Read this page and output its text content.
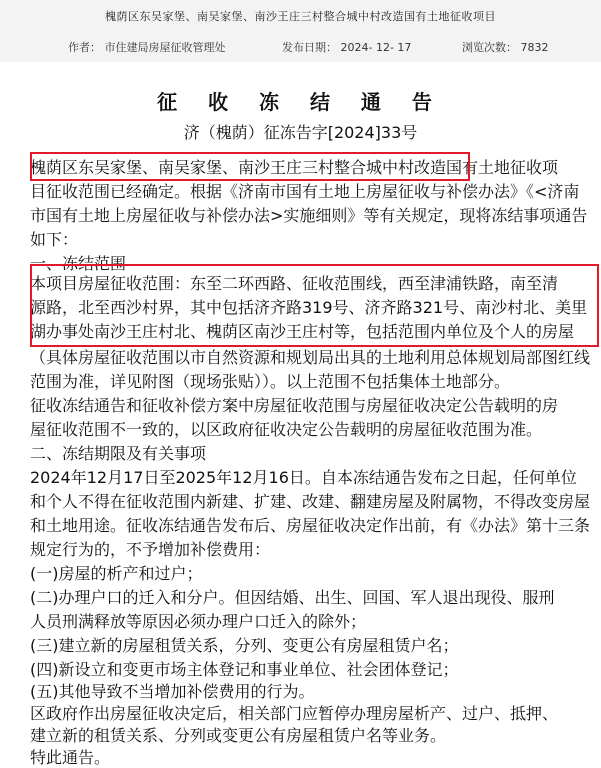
槐荫区东吴家堡、南吴家堡、南沙王庄三村整合城中村改造国有土地征收项目
作者： 市住建局房屋征收管理处	发布日期： 2024- 12- 17	浏览次数： 7832
征 收 冻 结 通 告
济（槐荫）征冻告字[2024]33号
槐荫区东吴家堡、南吴家堡、南沙王庄三村整合城中村改造国有土地征收项
目征收范围已经确定。根据《济南市国有土地上房屋征收与补偿办法》《<济南
市国有土地上房屋征收与补偿办法>实施细则》等有关规定，现将冻结事项通告
如下：
一、冻结范围
本项目房屋征收范围：东至二环西路、征收范围线，西至津浦铁路，南至清
源路，北至西沙村界，其中包括济齐路319号、济齐路321号、南沙村北、美里
湖办事处南沙王庄村北、槐荫区南沙王庄村等，包括范围内单位及个人的房屋
（具体房屋征收范围以市自然资源和规划局出具的土地利用总体规划局部图红线
范围为准，详见附图（现场张贴））。以上范围不包括集体土地部分。
征收冻结通告和征收补偿方案中房屋征收范围与房屋征收决定公告载明的房
屋征收范围不一致的，以区政府征收决定公告载明的房屋征收范围为准。
二、冻结期限及有关事项
2024年12月17日至2025年12月16日。自本冻结通告发布之日起，任何单位
和个人不得在征收范围内新建、扩建、改建、翻建房屋及附属物，不得改变房屋
和土地用途。征收冻结通告发布后、房屋征收决定作出前，有《办法》第十三条
规定行为的，不予增加补偿费用：
(一)房屋的析产和过户；
(二)办理户口的迁入和分户。但因结婚、出生、回国、军人退出现役、服刑
人员刑满释放等原因必须办理户口迁入的除外；
(三)建立新的房屋租赁关系，分列、变更公有房屋租赁户名；
(四)新设立和变更市场主体登记和事业单位、社会团体登记；
(五)其他导致不当增加补偿费用的行为。
区政府作出房屋征收决定后，相关部门应暂停办理房屋析产、过户、抵押、
建立新的租赁关系、分列或变更公有房屋租赁户名等业务。
特此通告。
